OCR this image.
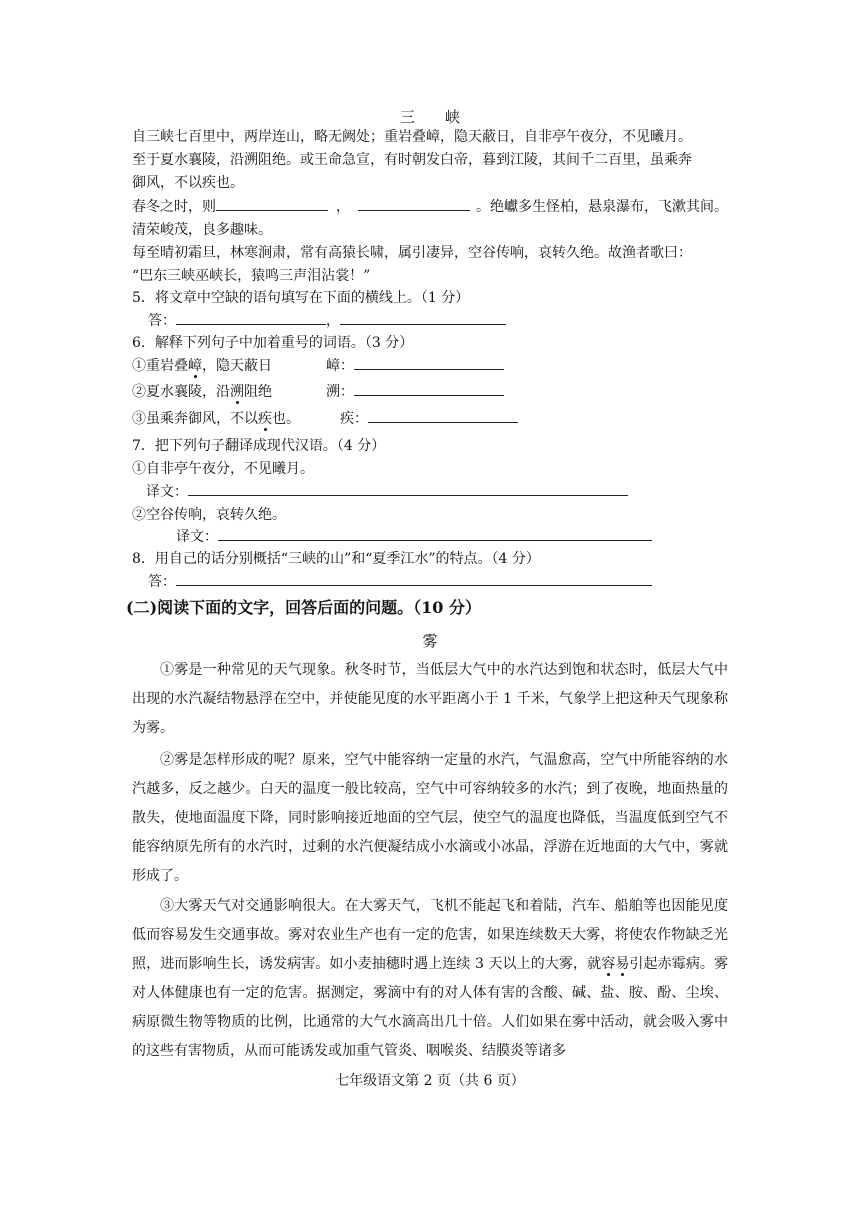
三　　峡
自三峡七百里中，两岸连山，略无阙处；重岩叠嶂，隐天蔽日，自非亭午夜分，不见曦月。
至于夏水襄陵，沿溯阻绝。或王命急宣，有时朝发白帝，暮到江陵，其间千二百里，虽乘奔
御风，不以疾也。
春冬之时，则	，	。绝巘多生怪柏，悬泉瀑布，飞漱其间。
清荣峻茂，良多趣味。
每至晴初霜旦，林寒涧肃，常有高猿长啸，属引凄异，空谷传响，哀转久绝。故渔者歌曰：
“巴东三峡巫峡长，猿鸣三声泪沾裳！”
5．将文章中空缺的语句填写在下面的横线上。（1 分）
答：	，
6．解释下列句子中加着重号的词语。（3 分）
①重岩叠嶂，隐天蔽日	嶂：
②夏水襄陵，沿溯阻绝	溯：
③虽乘奔御风，不以疾也。	疾：
7．把下列句子翻译成现代汉语。（4 分）
①自非亭午夜分，不见曦月。
译文：
②空谷传响，哀转久绝。
译文：
8．用自己的话分别概括“三峡的山”和“夏季江水”的特点。（4 分）
答：
(二)阅读下面的文字，回答后面的问题。（10 分）
雾
①雾是一种常见的天气现象。秋冬时节，当低层大气中的水汽达到饱和状态时，低层大气中出现的水汽凝结物悬浮在空中，并使能见度的水平距离小于 1 千米，气象学上把这种天气现象称为雾。
②雾是怎样形成的呢？原来，空气中能容纳一定量的水汽，气温愈高，空气中所能容纳的水汽越多，反之越少。白天的温度一般比较高，空气中可容纳较多的水汽；到了夜晚，地面热量的散失，使地面温度下降，同时影响接近地面的空气层，使空气的温度也降低，当温度低到空气不能容纳原先所有的水汽时，过剩的水汽便凝结成小水滴或小冰晶，浮游在近地面的大气中，雾就形成了。
③大雾天气对交通影响很大。在大雾天气，飞机不能起飞和着陆，汽车、船舶等也因能见度低而容易发生交通事故。雾对农业生产也有一定的危害，如果连续数天大雾，将使农作物缺乏光照，进而影响生长，诱发病害。如小麦抽穗时遇上连续 3 天以上的大雾，就容易引起赤霉病。雾对人体健康也有一定的危害。据测定，雾滴中有的对人体有害的含酸、碱、盐、胺、酚、尘埃、病原微生物等物质的比例，比通常的大气水滴高出几十倍。人们如果在雾中活动，就会吸入雾中的这些有害物质，从而可能诱发或加重气管炎、咽喉炎、结膜炎等诸多
七年级语文第 2 页（共 6 页）
